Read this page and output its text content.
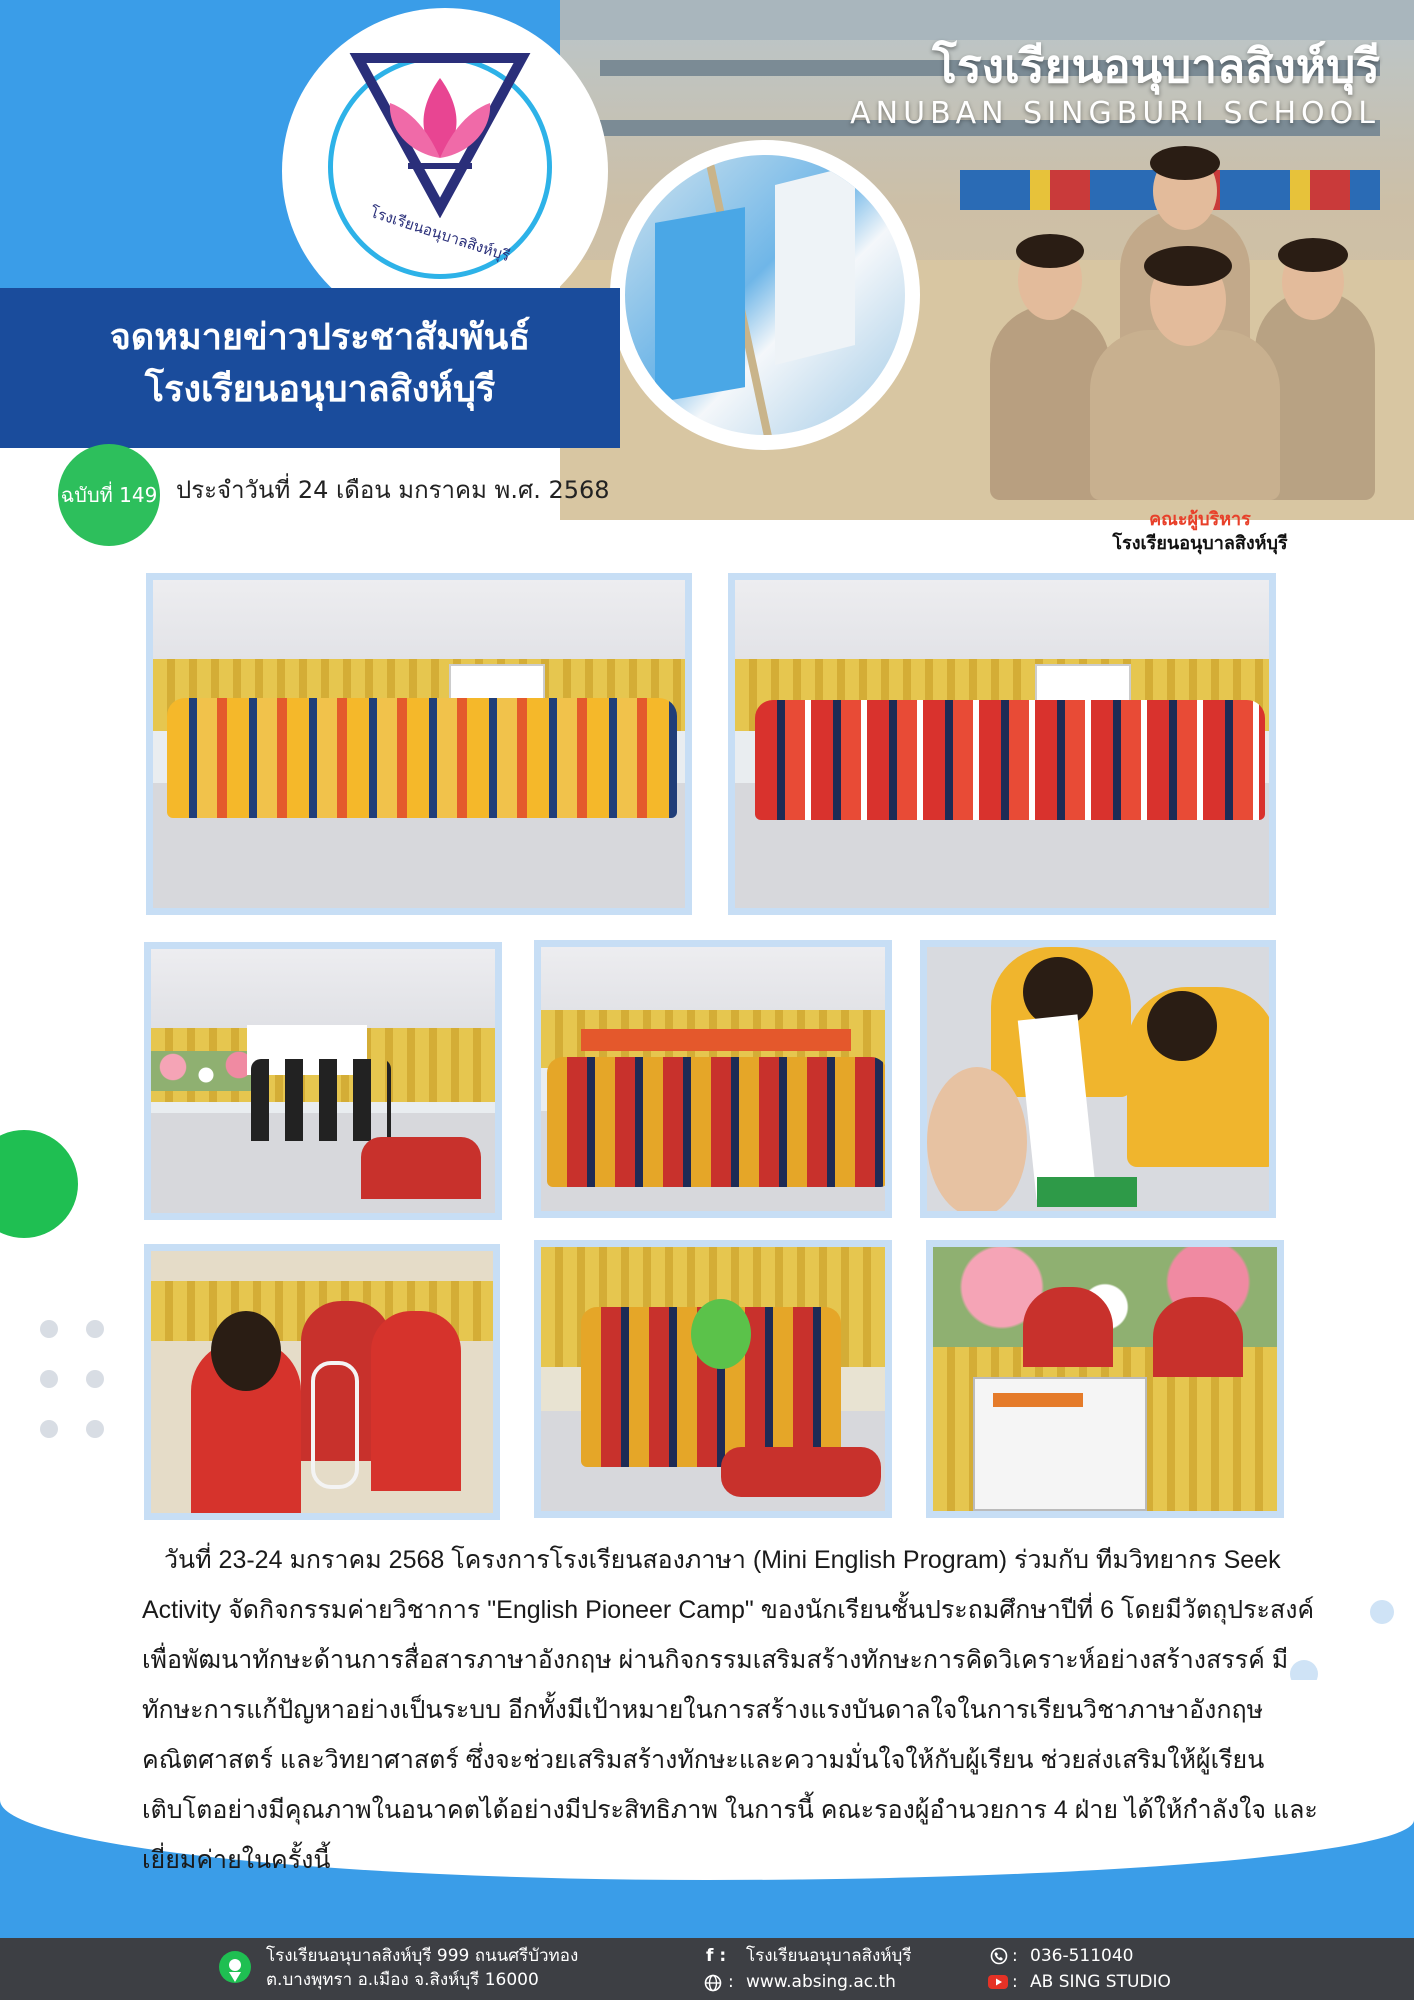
โรงเรียนอนุบาลสิงห์บุรี
ANUBAN SINGBURI SCHOOL
คณะผู้บริหาร
โรงเรียนอนุบาลสิงห์บุรี
โรงเรียนอนุบาลสิงห์บุรี
จดหมายข่าวประชาสัมพันธ์
โรงเรียนอนุบาลสิงห์บุรี
ฉบับที่ 149 ประจำวันที่ 24 เดือน มกราคม พ.ศ. 2568

วันที่ 23-24 มกราคม 2568 โครงการโรงเรียนสองภาษา (Mini English Program) ร่วมกับ ทีมวิทยากร Seek Activity จัดกิจกรรมค่ายวิชาการ "English Pioneer Camp" ของนักเรียนชั้นประถมศึกษาปีที่ 6 โดยมีวัตถุประสงค์เพื่อพัฒนาทักษะด้านการสื่อสารภาษาอังกฤษ ผ่านกิจกรรมเสริมสร้างทักษะการคิดวิเคราะห์อย่างสร้างสรรค์ มีทักษะการแก้ปัญหาอย่างเป็นระบบ อีกทั้งมีเป้าหมายในการสร้างแรงบันดาลใจในการเรียนวิชาภาษาอังกฤษ คณิตศาสตร์ และวิทยาศาสตร์ ซึ่งจะช่วยเสริมสร้างทักษะและความมั่นใจให้กับผู้เรียน ช่วยส่งเสริมให้ผู้เรียนเติบโตอย่างมีคุณภาพในอนาคตได้อย่างมีประสิทธิภาพ ในการนี้ คณะรองผู้อำนวยการ 4 ฝ่าย ได้ให้กำลังใจ และเยี่ยมค่ายในครั้งนี้

โรงเรียนอนุบาลสิงห์บุรี 999 ถนนศรีบัวทอง
ต.บางพุทรา อ.เมือง จ.สิงห์บุรี 16000
f : โรงเรียนอนุบาลสิงห์บุรี
: www.absing.ac.th
: 036-511040
: AB SING STUDIO
